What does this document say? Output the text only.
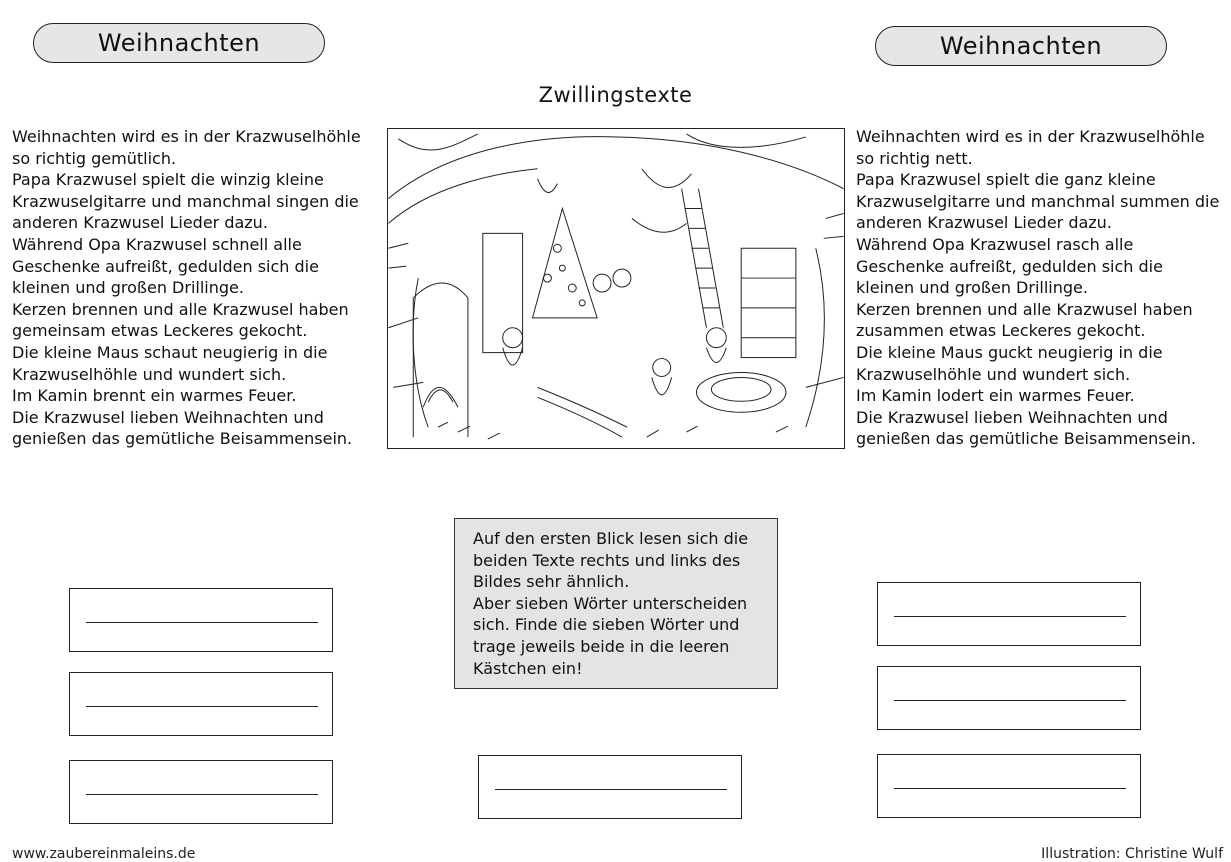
Weihnachten	Weihnachten
Zwillingstexte
Weihnachten wird es in der Krazwuselhöhle
so richtig gemütlich.
Papa Krazwusel spielt die winzig kleine
Krazwuselgitarre und manchmal singen die
anderen Krazwusel Lieder dazu.
Während Opa Krazwusel schnell alle
Geschenke aufreißt, gedulden sich die
kleinen und großen Drillinge.
Kerzen brennen und alle Krazwusel haben
gemeinsam etwas Leckeres gekocht.
Die kleine Maus schaut neugierig in die
Krazwuselhöhle und wundert sich.
Im Kamin brennt ein warmes Feuer.
Die Krazwusel lieben Weihnachten und
genießen das gemütliche Beisammensein.
Weihnachten wird es in der Krazwuselhöhle
so richtig nett.
Papa Krazwusel spielt die ganz kleine
Krazwuselgitarre und manchmal summen die
anderen Krazwusel Lieder dazu.
Während Opa Krazwusel rasch alle
Geschenke aufreißt, gedulden sich die
kleinen und großen Drillinge.
Kerzen brennen und alle Krazwusel haben
zusammen etwas Leckeres gekocht.
Die kleine Maus guckt neugierig in die
Krazwuselhöhle und wundert sich.
Im Kamin lodert ein warmes Feuer.
Die Krazwusel lieben Weihnachten und
genießen das gemütliche Beisammensein.
Auf den ersten Blick lesen sich die
beiden Texte rechts und links des
Bildes sehr ähnlich.
Aber sieben Wörter unterscheiden
sich. Finde die sieben Wörter und
trage jeweils beide in die leeren
Kästchen ein!
www.zaubereinmaleins.de	Illustration: Christine Wulf
